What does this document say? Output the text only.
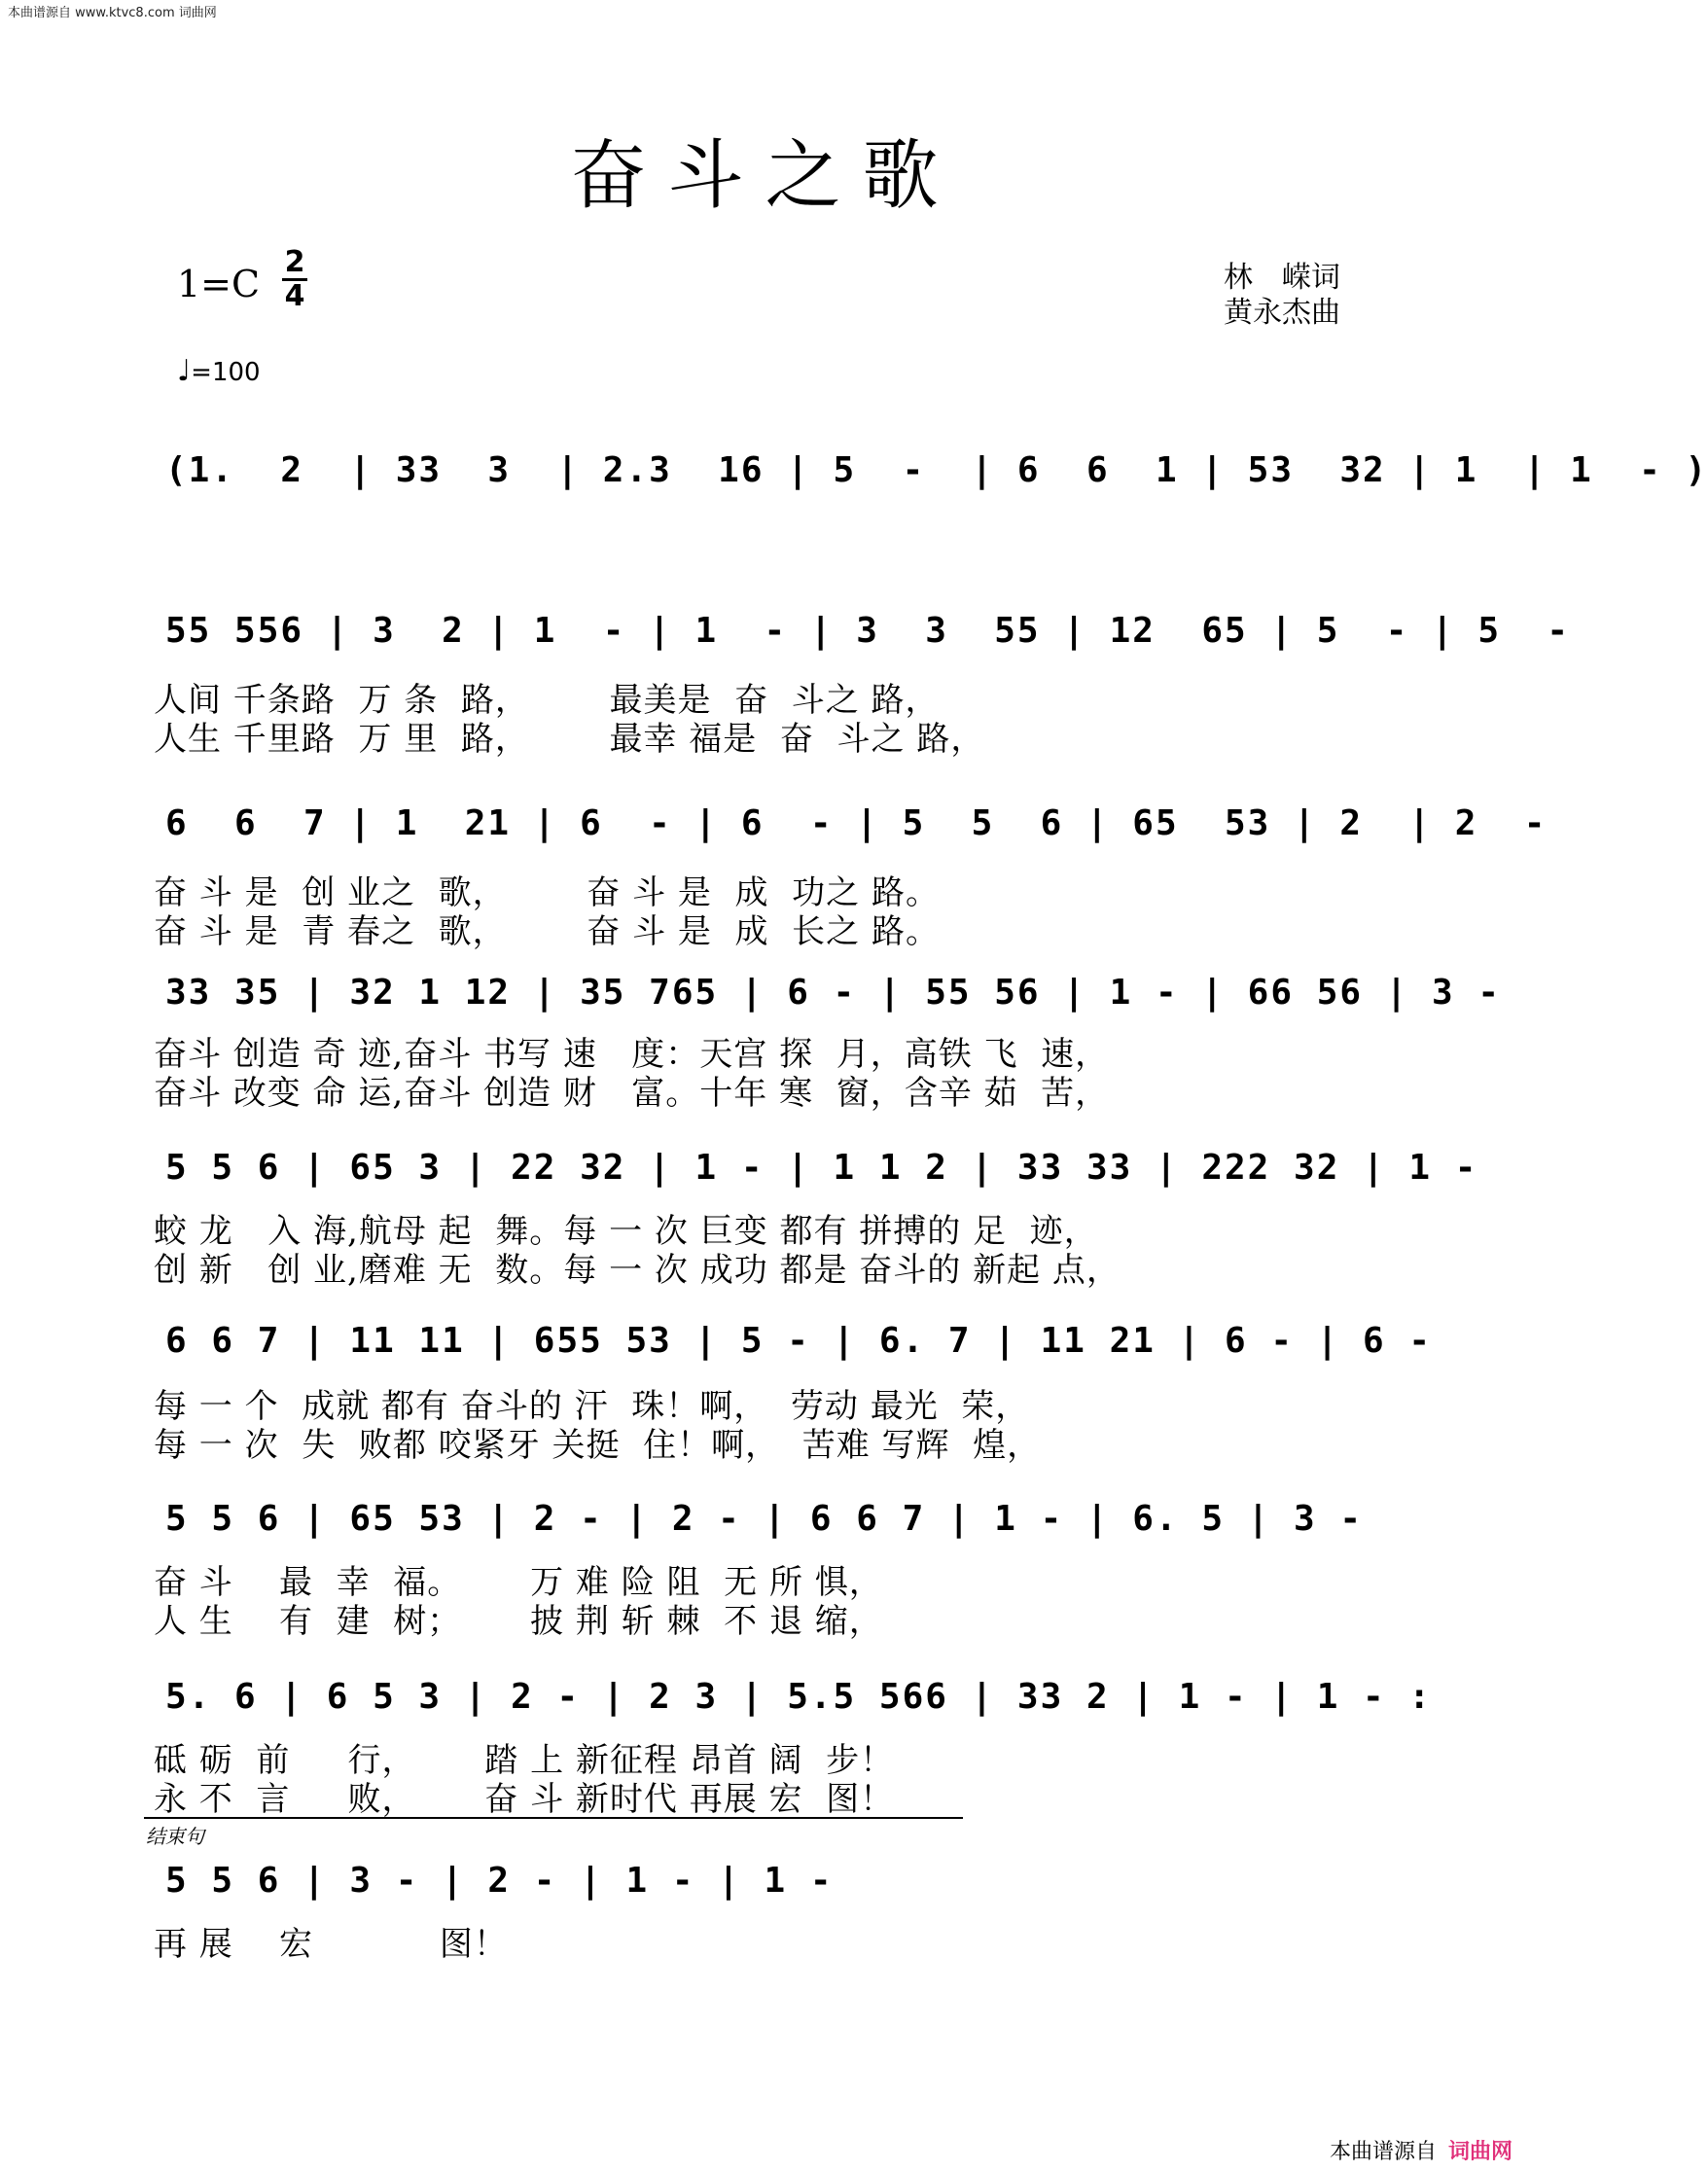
本曲谱源自 www.ktvc8.com 词曲网
奋斗之歌
1=C
2
4
林　嵘词
黄永杰曲
♩=100
(1.  2  | 33  3  | 2.3  16 | 5  -  | 6  6  1 | 53  32 | 1  | 1  - )
55 556 | 3  2 | 1  - | 1  - | 3  3  55 | 12  65 | 5  - | 5  -
人间 千条路  万 条  路，       最美是  奋  斗之 路，
人生 千里路  万 里  路，       最幸 福是  奋  斗之 路，
6  6  7 | 1  21 | 6  - | 6  - | 5  5  6 | 65  53 | 2  | 2  -
奋 斗 是  创 业之  歌，       奋 斗 是  成  功之 路。
奋 斗 是  青 春之  歌，       奋 斗 是  成  长之 路。
33 35 | 32 1 12 | 35 765 | 6 - | 55 56 | 1 - | 66 56 | 3 -
奋斗 创造 奇 迹,奋斗 书写 速   度：天宫 探  月，高铁 飞  速，
奋斗 改变 命 运,奋斗 创造 财   富。十年 寒  窗，含辛 茹  苦，
5 5 6 | 65 3 | 22 32 | 1 - | 1 1 2 | 33 33 | 222 32 | 1 -
蛟 龙   入 海,航母 起  舞。每 一 次 巨变 都有 拼搏的 足  迹，
创 新   创 业,磨难 无  数。每 一 次 成功 都是 奋斗的 新起 点，
6 6 7 | 11 11 | 655 53 | 5 - | 6. 7 | 11 21 | 6 - | 6 -
每 一 个  成就 都有 奋斗的 汗  珠！啊，  劳动 最光  荣，
每 一 次  失  败都 咬紧牙 关挺  住！啊，  苦难 写辉  煌，
5 5 6 | 65 53 | 2 - | 2 - | 6 6 7 | 1 - | 6. 5 | 3 -
奋 斗    最  幸  福。      万 难 险 阻  无 所 惧，
人 生    有  建  树；      披 荆 斩 棘  不 退 缩，
5. 6 | 6 5 3 | 2 - | 2 3 | 5.5 566 | 33 2 | 1 - | 1 - :
砥 砺  前     行，      踏 上 新征程 昂首 阔  步！
永 不  言     败，      奋 斗 新时代 再展 宏  图！
结束句
5 5 6 | 3 - | 2 - | 1 - | 1 -
再 展    宏           图！
本曲谱源自 词曲网
